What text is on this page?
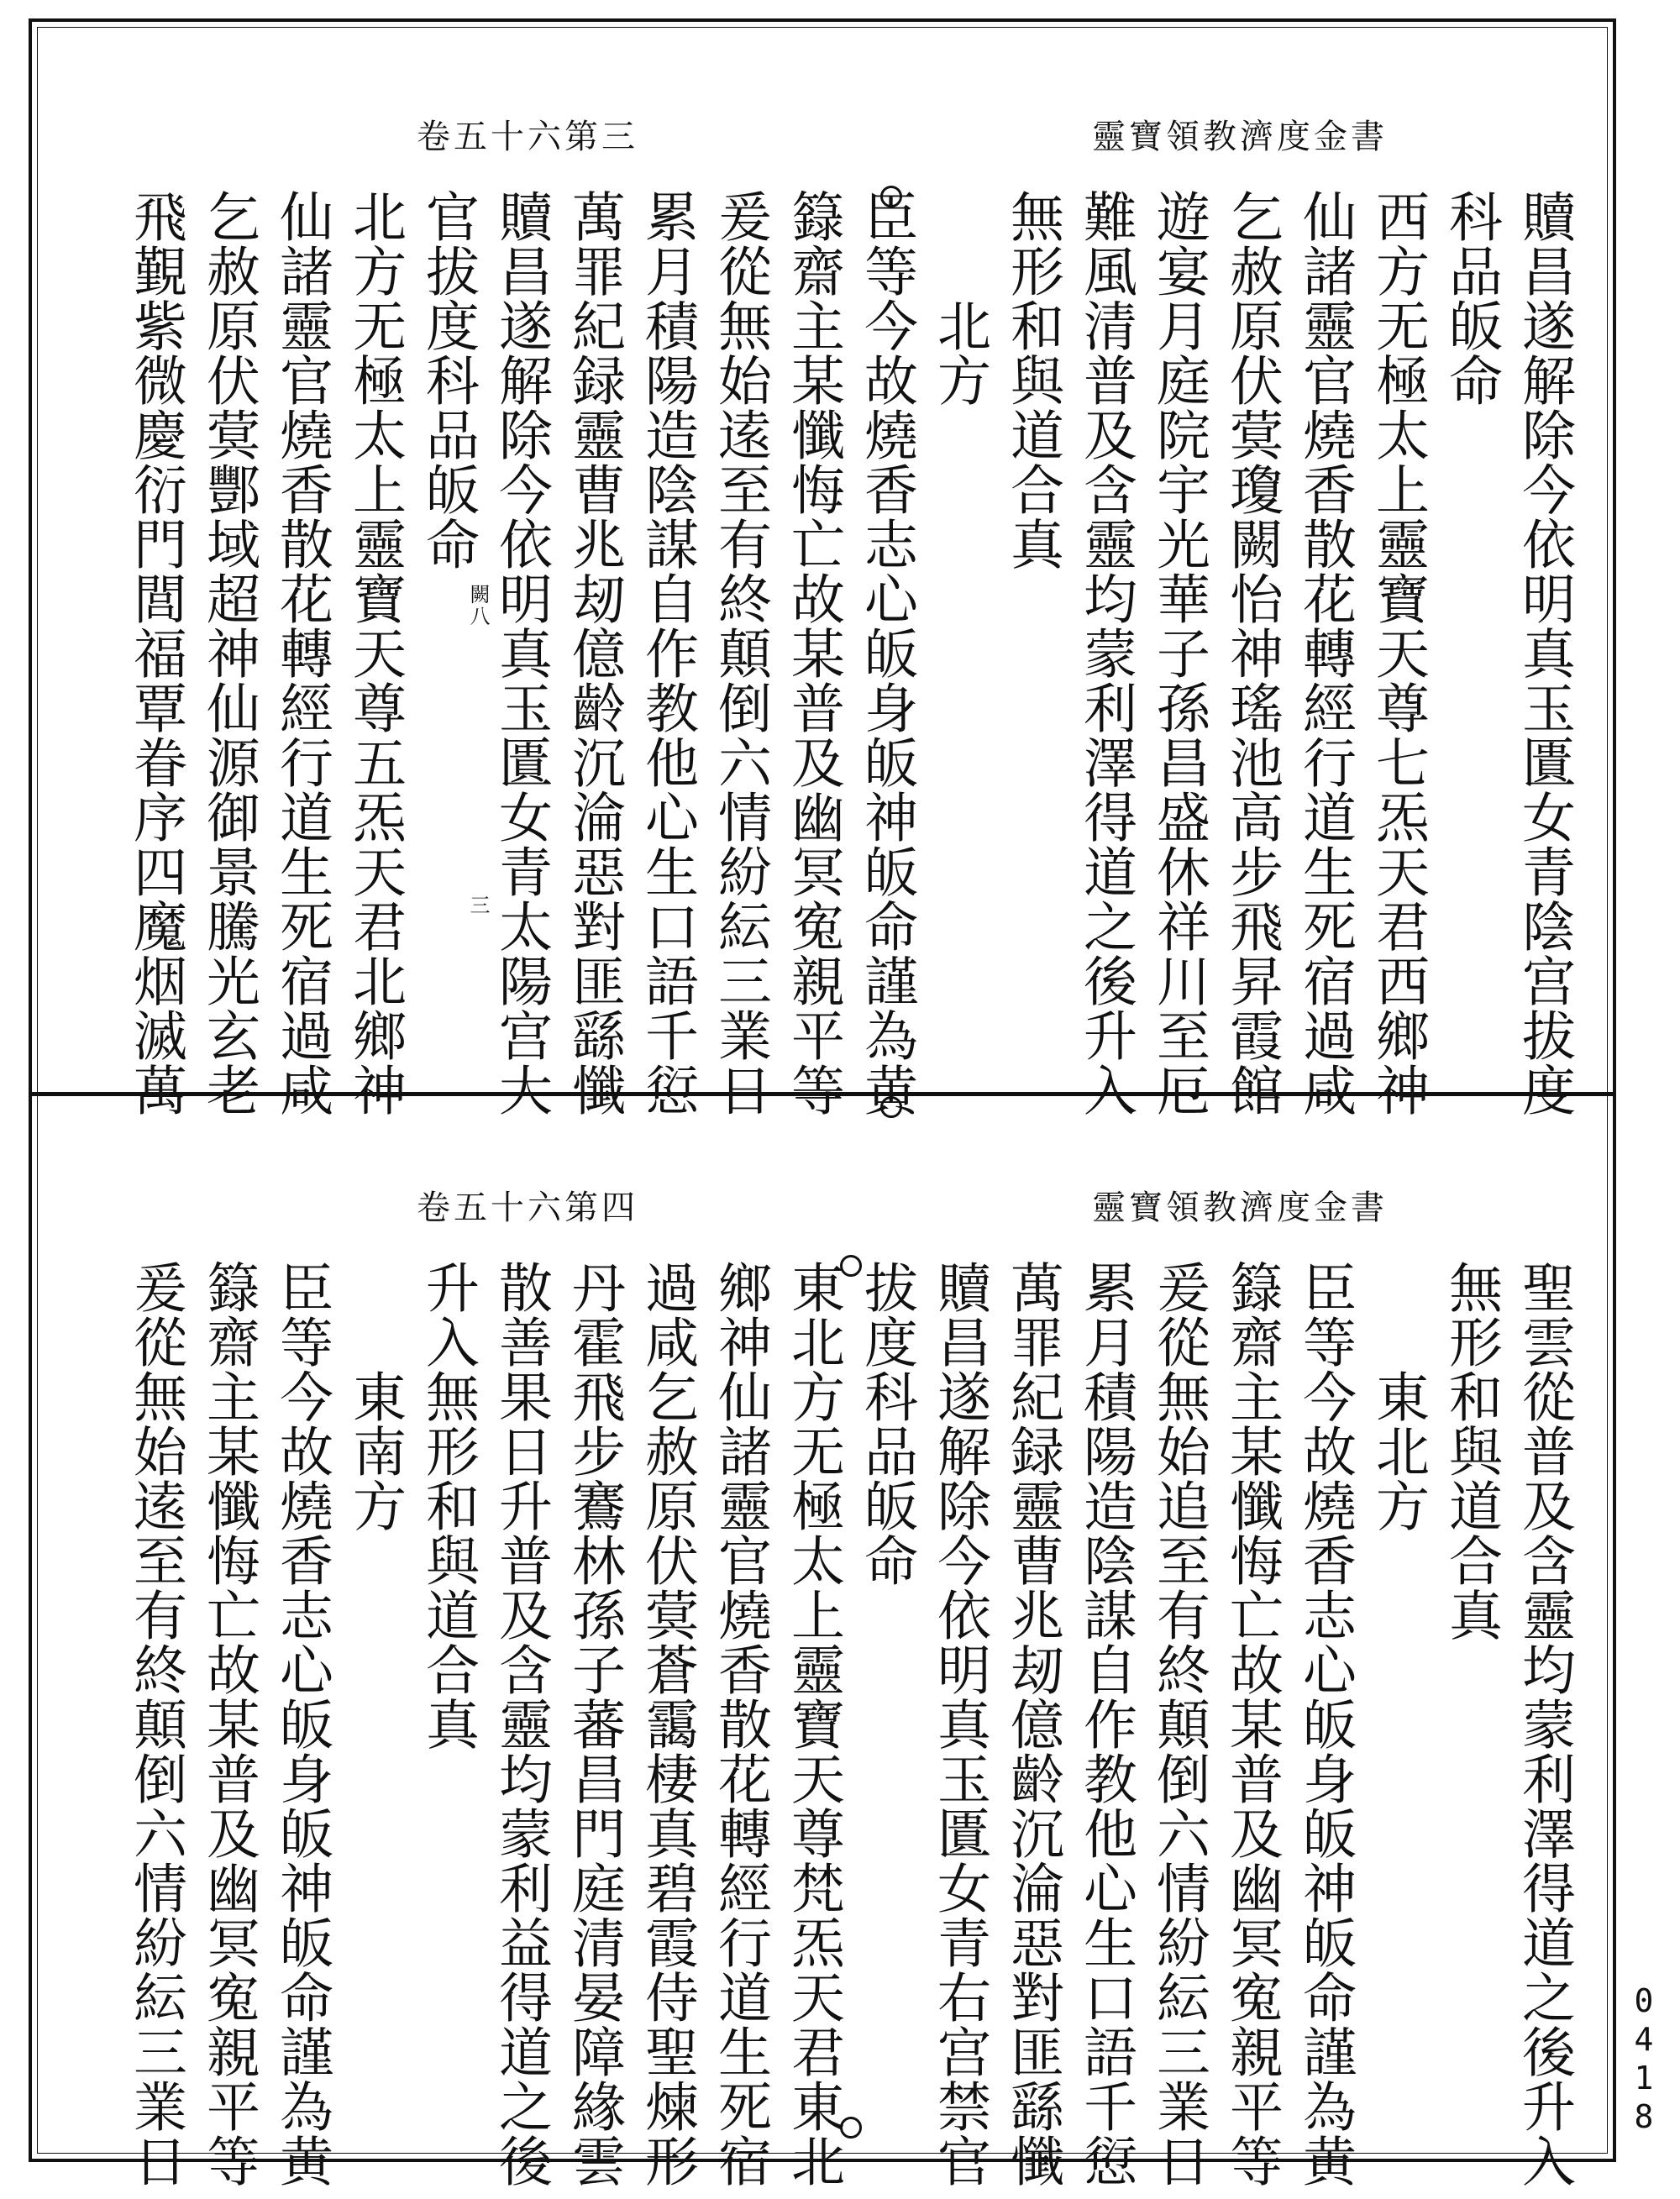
靈寶領教濟度金書
卷五十六第三
贖昌遂解除今依明真玉匱女青陰宫拔度
科品皈命
西方无極太上靈寶天尊七炁天君西鄉神
仙諸靈官燒香散花轉經行道生死宿過咸
乞赦原伏蓂瓊闕怡神瑤池高步飛昇霞館
遊宴月庭院宇光華子孫昌盛休祥川至厄
難風清普及含靈均蒙利澤得道之後升入
無形和與道合真
北方
臣等今故燒香志心皈身皈神皈命謹為黄
籙齋主某懺悔亡故某普及幽冥寃親平等
爰從無始逺至有終顛倒六情紛紜三業日
累月積陽造陰謀自作教他心生口語千愆
萬罪紀録靈曹兆刼億齡沉淪惡對匪繇懺
贖昌遂解除今依明真玉匱女青太陽宫大
官拔度科品皈命
北方无極太上靈寶天尊五炁天君北鄉神
仙諸靈官燒香散花轉經行道生死宿過咸
乞赦原伏蓂酆域超神仙源御景騰光玄老
飛覲紫微慶衍門閭福覃眷序四魔烟滅萬	闕八
三
靈寶領教濟度金書
卷五十六第四
聖雲從普及含靈均蒙利澤得道之後升入
無形和與道合真
東北方
臣等今故燒香志心皈身皈神皈命謹為黄
籙齋主某懺悔亡故某普及幽冥寃親平等
爰從無始追至有終顛倒六情紛紜三業日
累月積陽造陰謀自作教他心生口語千愆
萬罪紀録靈曹兆刼億齡沉淪惡對匪繇懺
贖昌遂解除今依明真玉匱女青右宫禁官
拔度科品皈命
東北方无極太上靈寶天尊梵炁天君東北
鄉神仙諸靈官燒香散花轉經行道生死宿
過咸乞赦原伏蓂蒼靄棲真碧霞侍聖煉形
丹霍飛步鶱林孫子蕃昌門庭清晏障緣雲
散善果日升普及含靈均蒙利益得道之後
升入無形和與道合真
東南方
臣等今故燒香志心皈身皈神皈命謹為黄
籙齋主某懺悔亡故某普及幽冥寃親平等
爰從無始逺至有終顛倒六情紛紜三業日	0418
